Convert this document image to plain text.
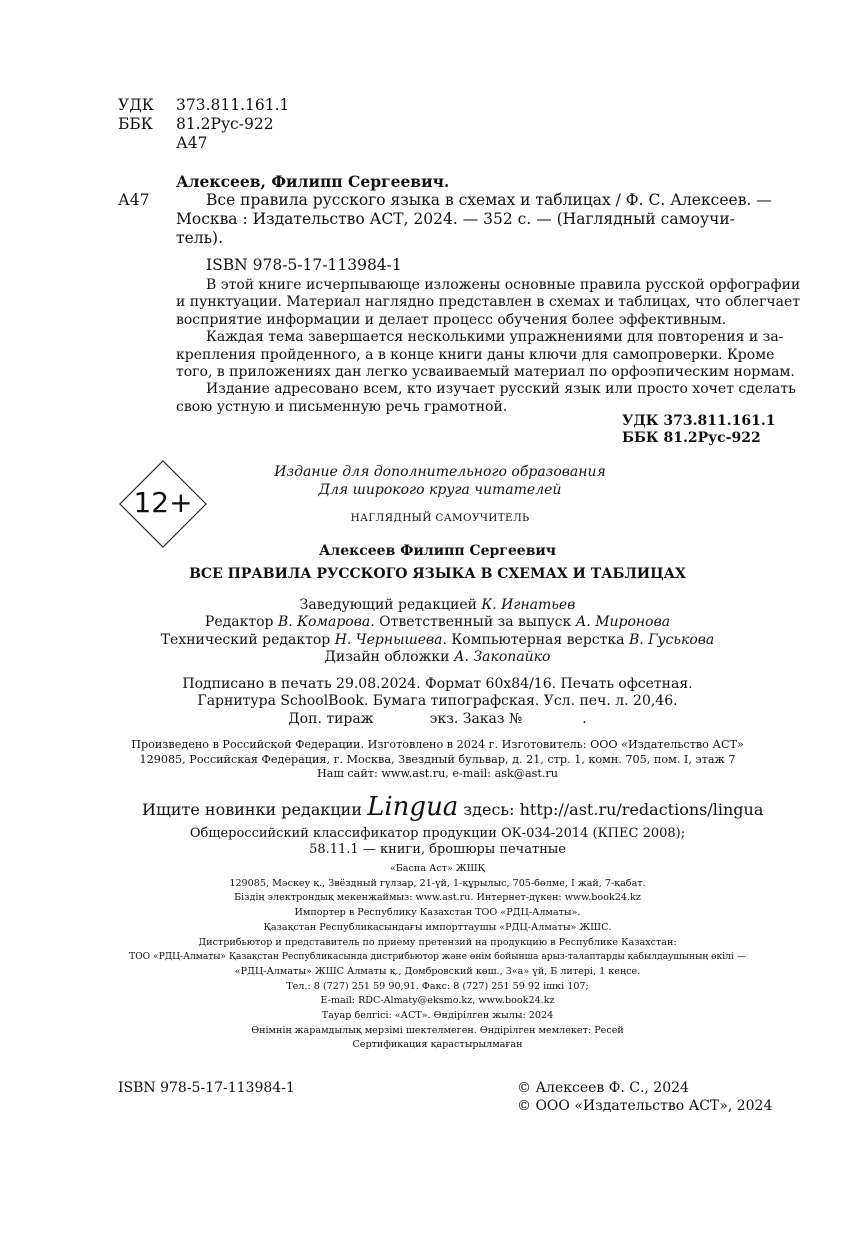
УДК 373.811.161.1
ББК 81.2Рус-922
А47
Алексеев, Филипп Сергеевич.
А47	Все правила русского языка в схемах и таблицах / Ф. С. Алексеев. —
Москва : Издательство АСТ, 2024. — 352 с. — (Наглядный самоучи-
тель).
ISBN 978-5-17-113984-1
В этой книге исчерпывающе изложены основные правила русской орфографии
и пунктуации. Материал наглядно представлен в схемах и таблицах, что облегчает
восприятие информации и делает процесс обучения более эффективным.
Каждая тема завершается несколькими упражнениями для повторения и за-
крепления пройденного, а в конце книги даны ключи для самопроверки. Кроме
того, в приложениях дан легко усваиваемый материал по орфоэпическим нормам.
Издание адресовано всем, кто изучает русский язык или просто хочет сделать
свою устную и письменную речь грамотной.
УДК 373.811.161.1
ББК 81.2Рус-922
12+
Издание для дополнительного образования
Для широкого круга читателей
НАГЛЯДНЫЙ САМОУЧИТЕЛЬ
Алексеев Филипп Сергеевич
ВСЕ ПРАВИЛА РУССКОГО ЯЗЫКА В СХЕМАХ И ТАБЛИЦАХ
Заведующий редакцией К. Игнатьев
Редактор В. Комарова. Ответственный за выпуск А. Миронова
Технический редактор Н. Чернышева. Компьютерная верстка В. Гуськова
Дизайн обложки А. Закопайко
Подписано в печать 29.08.2024. Формат 60х84/16. Печать офсетная.
Гарнитура SchoolBook. Бумага типографская. Усл. печ. л. 20,46.
Доп. тираж	экз. Заказ №	.
Произведено в Российской Федерации. Изготовлено в 2024 г. Изготовитель: ООО «Издательство АСТ»
129085, Российская Федерация, г. Москва, Звездный бульвар, д. 21, стр. 1, комн. 705, пом. I, этаж 7
Наш сайт: www.ast.ru, e-mail: ask@ast.ru
Ищите новинки редакции Lingua здесь: http://ast.ru/redactions/lingua
Общероссийский классификатор продукции ОК-034-2014 (КПЕС 2008);
58.11.1 — книги, брошюры печатные
«Баспа Аст» ЖШҚ
129085, Мәскеу қ., Звёздный гүлзар, 21-үй, 1-құрылыс, 705-бөлме, I жай, 7-қабат.
Біздің электрондық мекенжаймыз: www.ast.ru. Интернет-дүкен: www.book24.kz
Импортер в Республику Казахстан ТОО «РДЦ-Алматы».
Қазақстан Республикасындағы импорттаушы «РДЦ-Алматы» ЖШС.
Дистрибьютор и представитель по приему претензий на продукцию в Республике Казахстан:
ТОО «РДЦ-Алматы» Қазақстан Республикасында дистрибьютор және өнім бойынша арыз-талаптарды қабылдаушының өкілі —
«РДЦ-Алматы» ЖШС Алматы қ., Домбровский көш., 3«а» үй, Б литері, 1 кеңсе.
Тел.: 8 (727) 251 59 90,91. Факс: 8 (727) 251 59 92 ішкі 107;
E-mail: RDC-Almaty@eksmo.kz, www.book24.kz
Тауар белгісі: «АСТ». Өндірілген жылы: 2024
Өнімнің жарамдылық мерзімі шектелмеген. Өндірілген мемлекет: Ресей
Сертификация қарастырылмаған
ISBN 978-5-17-113984-1	© Алексеев Ф. С., 2024
© ООО «Издательство АСТ», 2024
